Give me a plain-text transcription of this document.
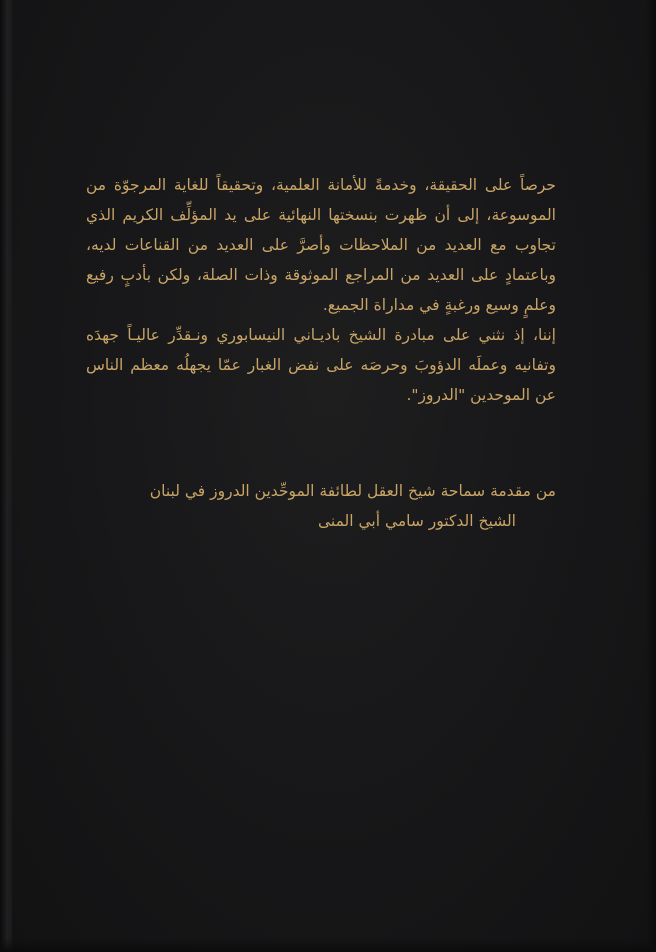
حرصاً على الحقيقة، وخدمةً للأمانة العلمية، وتحقيقاً للغاية المرجوّة من الموسوعة، إلى أن ظهرت بنسختها النهائية على يد المؤلِّف الكريم الذي تجاوب مع العديد من الملاحظات وأصرَّ على العديد من القناعات لديه، وباعتمادٍ على العديد من المراجع الموثوقة وذات الصلة، ولكن بأدبٍ رفيع وعلمٍ وسيع ورغبةٍ في مداراة الجميع.

إننا، إذ نثني على مبادرة الشيخ باديـاني النيسابوري ونـقدِّر عاليـاً جهدَه وتفانيه وعملَه الدؤوبَ وحرصَه على نفض الغبار عمّا يجهلُه معظم الناس عن الموحدين "الدروز".

من مقدمة سماحة شيخ العقل لطائفة الموحِّدين الدروز في لبنان
الشيخ الدكتور سامي أبي المنى
